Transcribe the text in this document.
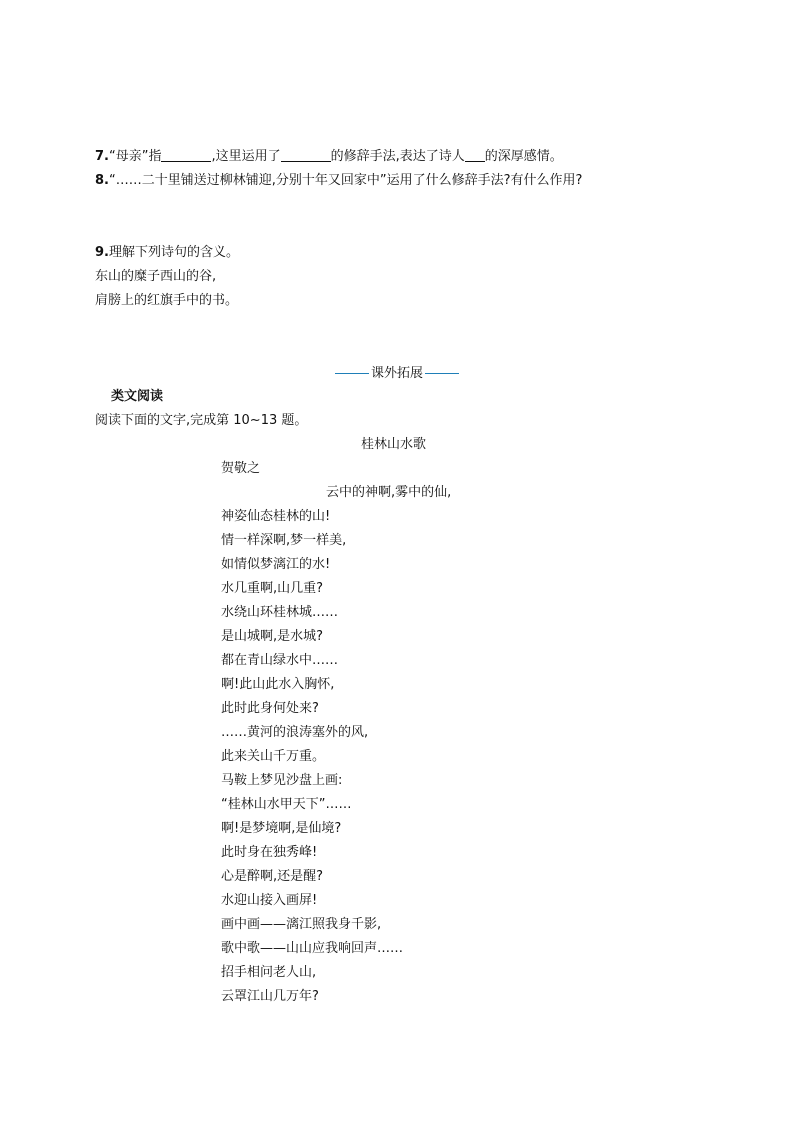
7.“母亲”指	,这里运用了	的修辞手法,表达了诗人 的深厚感情。
8.“……二十里铺送过柳林铺迎,分别十年又回家中”运用了什么修辞手法?有什么作用?
9.理解下列诗句的含义。
东山的糜子西山的谷,
肩膀上的红旗手中的书。
课外拓展
类文阅读
阅读下面的文字,完成第 10~13 题。
桂林山水歌
贺敬之
云中的神啊,雾中的仙,
神姿仙态桂林的山!
情一样深啊,梦一样美,
如情似梦漓江的水!
水几重啊,山几重?
水绕山环桂林城……
是山城啊,是水城?
都在青山绿水中……
啊!此山此水入胸怀,
此时此身何处来?
……黄河的浪涛塞外的风,
此来关山千万重。
马鞍上梦见沙盘上画:
“桂林山水甲天下”……
啊!是梦境啊,是仙境?
此时身在独秀峰!
心是醉啊,还是醒?
水迎山接入画屏!
画中画——漓江照我身千影,
歌中歌——山山应我响回声……
招手相问老人山,
云罩江山几万年?
